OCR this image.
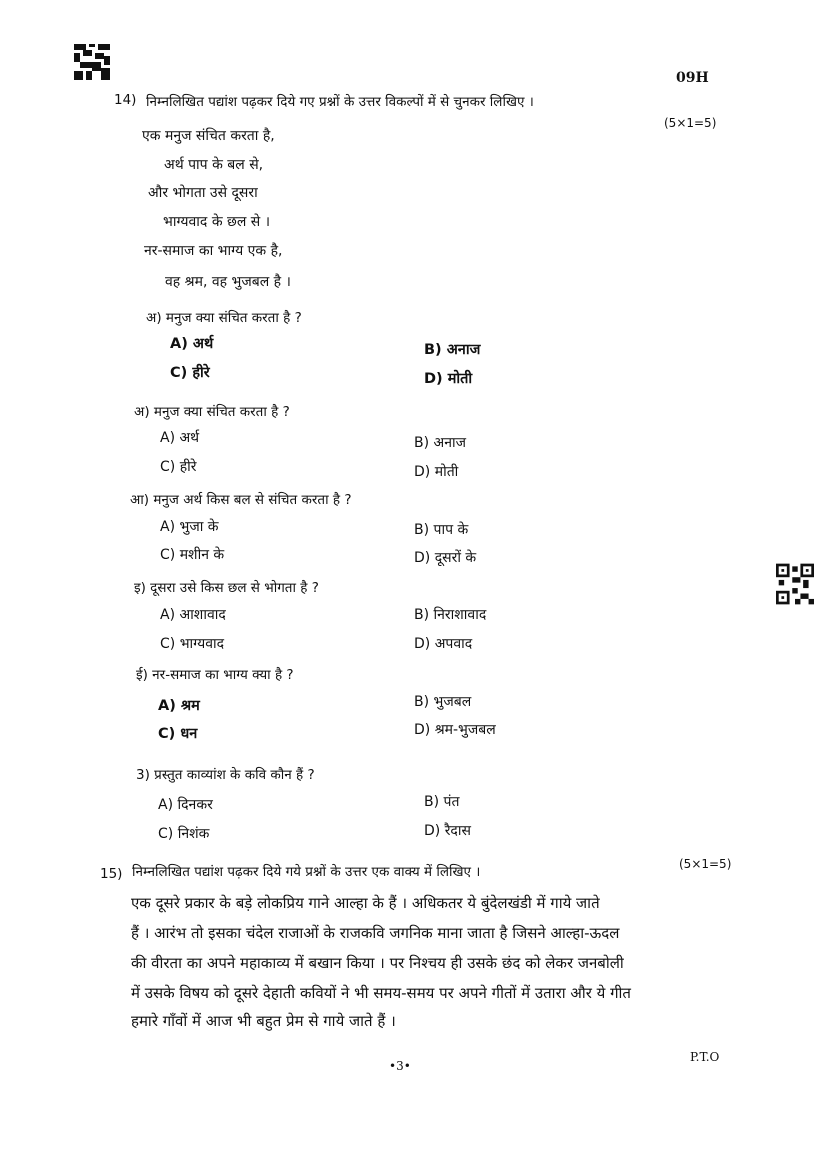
09H
14) निम्नलिखित पद्यांश पढ़कर दिये गए प्रश्नों के उत्तर विकल्पों में से चुनकर लिखिए ।
(5×1=5)
एक मनुज संचित करता है,
अर्थ पाप के बल से,
और भोगता उसे दूसरा
भाग्यवाद के छल से ।
नर-समाज का भाग्य एक है,
वह श्रम, वह भुजबल है ।
अ) मनुज क्या संचित करता है ?
A) अर्थ	B) अनाज
C) हीरे	D) मोती
अ) मनुज क्या संचित करता है ?
A) अर्थ	B) अनाज
C) हीरे	D) मोती
आ) मनुज अर्थ किस बल से संचित करता है ?
A) भुजा के	B) पाप के
C) मशीन के	D) दूसरों के
इ) दूसरा उसे किस छल से भोगता है ?
A) आशावाद	B) निराशावाद
C) भाग्यवाद	D) अपवाद
ई) नर-समाज का भाग्य क्या है ?
A) श्रम	B) भुजबल
C) धन	D) श्रम-भुजबल
3) प्रस्तुत काव्यांश के कवि कौन हैं ?
A) दिनकर	B) पंत
C) निशंक	D) रैदास
15) निम्नलिखित पद्यांश पढ़कर दिये गये प्रश्नों के उत्तर एक वाक्य में लिखिए ।	(5×1=5)
एक दूसरे प्रकार के बड़े लोकप्रिय गाने आल्हा के हैं । अधिकतर ये बुंदेलखंडी में गाये जाते
हैं । आरंभ तो इसका चंदेल राजाओं के राजकवि जगनिक माना जाता है जिसने आल्हा-ऊदल
की वीरता का अपने महाकाव्य में बखान किया । पर निश्चय ही उसके छंद को लेकर जनबोली
में उसके विषय को दूसरे देहाती कवियों ने भी समय-समय पर अपने गीतों में उतारा और ये गीत
हमारे गाँवों में आज भी बहुत प्रेम से गाये जाते हैं ।
•3•
P.T.O
